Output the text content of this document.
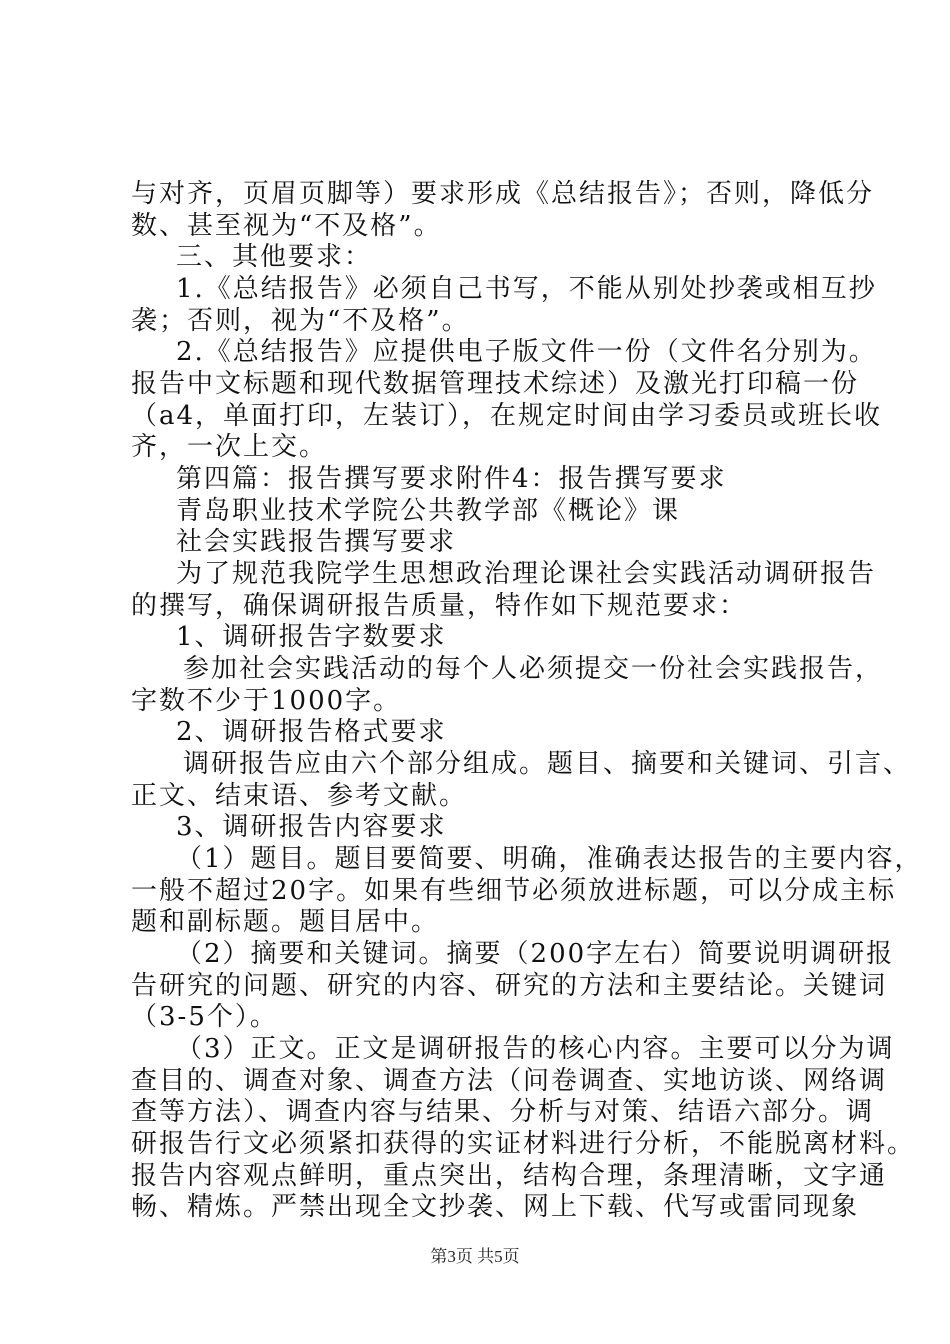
与对齐，页眉页脚等）要求形成《总结报告》；否则，降低分
数、甚至视为“不及格”。
三、其他要求：
1.《总结报告》必须自己书写，不能从别处抄袭或相互抄
袭；否则，视为“不及格”。
2.《总结报告》应提供电子版文件一份（文件名分别为。
报告中文标题和现代数据管理技术综述）及激光打印稿一份
（a4，单面打印，左装订），在规定时间由学习委员或班长收
齐，一次上交。
第四篇：报告撰写要求附件4：报告撰写要求
青岛职业技术学院公共教学部《概论》课
社会实践报告撰写要求
为了规范我院学生思想政治理论课社会实践活动调研报告
的撰写，确保调研报告质量，特作如下规范要求：
1、调研报告字数要求
参加社会实践活动的每个人必须提交一份社会实践报告，
字数不少于1000字。
2、调研报告格式要求
调研报告应由六个部分组成。题目、摘要和关键词、引言、
正文、结束语、参考文献。
3、调研报告内容要求
（1）题目。题目要简要、明确，准确表达报告的主要内容，
一般不超过20字。如果有些细节必须放进标题，可以分成主标
题和副标题。题目居中。
（2）摘要和关键词。摘要（200字左右）简要说明调研报
告研究的问题、研究的内容、研究的方法和主要结论。关键词
（3-5个）。
（3）正文。正文是调研报告的核心内容。主要可以分为调
查目的、调查对象、调查方法（问卷调查、实地访谈、网络调
查等方法）、调查内容与结果、分析与对策、结语六部分。调
研报告行文必须紧扣获得的实证材料进行分析，不能脱离材料。
报告内容观点鲜明，重点突出，结构合理，条理清晰，文字通
畅、精炼。严禁出现全文抄袭、网上下载、代写或雷同现象
第3页 共5页
